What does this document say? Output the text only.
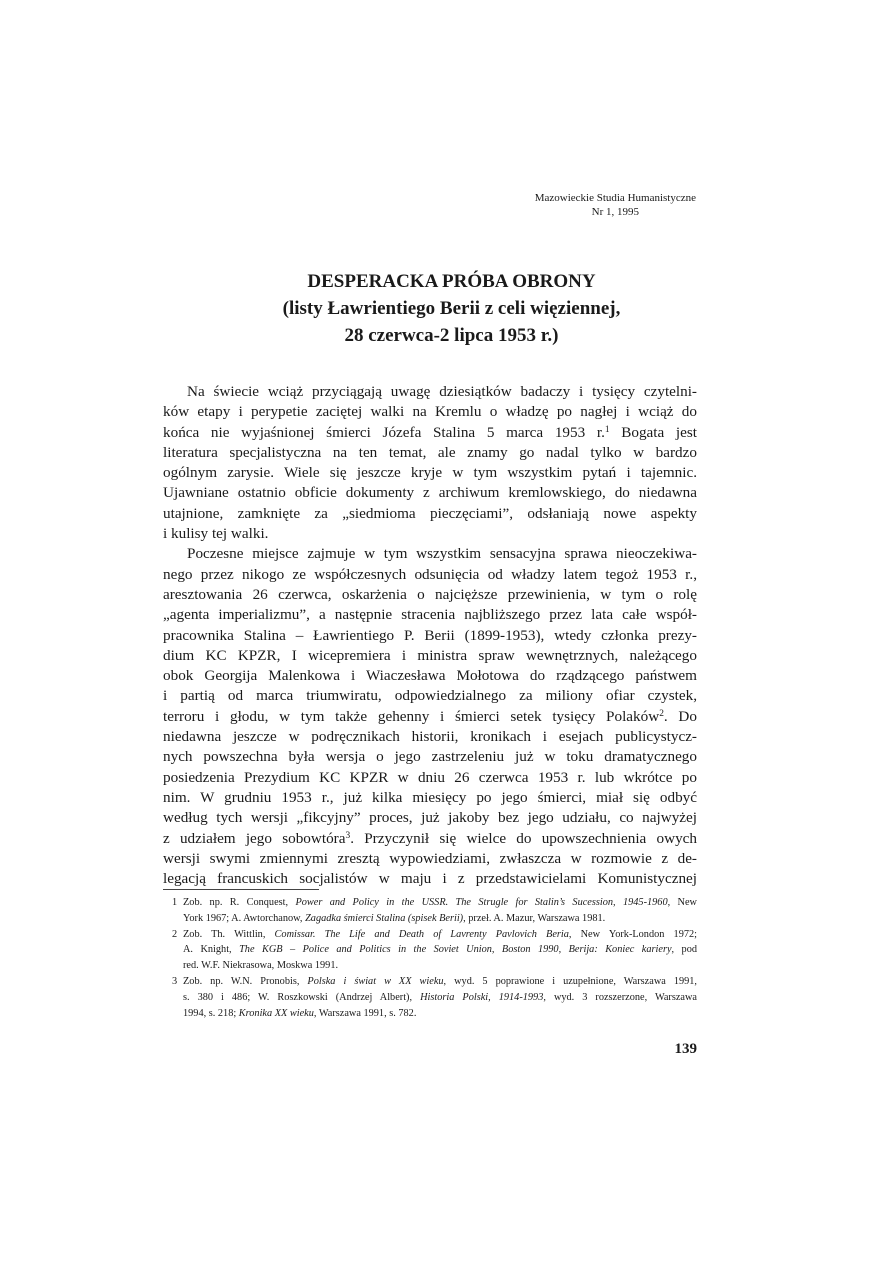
Mazowieckie Studia Humanistyczne
Nr 1, 1995
DESPERACKA PRÓBA OBRONY
(listy Ławrientiego Berii z celi więziennej,
28 czerwca-2 lipca 1953 r.)
Na świecie wciąż przyciągają uwagę dziesiątków badaczy i tysięcy czytelni-
ków etapy i perypetie zaciętej walki na Kremlu o władzę po nagłej i wciąż do
końca nie wyjaśnionej śmierci Józefa Stalina 5 marca 1953 r.$^1$ Bogata jest
literatura specjalistyczna na ten temat, ale znamy go nadal tylko w bardzo
ogólnym zarysie. Wiele się jeszcze kryje w tym wszystkim pytań i tajemnic.
Ujawniane ostatnio obficie dokumenty z archiwum kremlowskiego, do niedawna
utajnione, zamknięte za „siedmioma pieczęciami”, odsłaniają nowe aspekty
i kulisy tej walki.
Poczesne miejsce zajmuje w tym wszystkim sensacyjna sprawa nieoczekiwa-
nego przez nikogo ze współczesnych odsunięcia od władzy latem tegoż 1953 r.,
aresztowania 26 czerwca, oskarżenia o najcięższe przewinienia, w tym o rolę
„agenta imperializmu”, a następnie stracenia najbliższego przez lata całe współ-
pracownika Stalina – Ławrientiego P. Berii (1899-1953), wtedy członka prezy-
dium KC KPZR, I wicepremiera i ministra spraw wewnętrznych, należącego
obok Georgija Malenkowa i Wiaczesława Mołotowa do rządzącego państwem
i partią od marca triumwiratu, odpowiedzialnego za miliony ofiar czystek,
terroru i głodu, w tym także gehenny i śmierci setek tysięcy Polaków$^2$. Do
niedawna jeszcze w podręcznikach historii, kronikach i esejach publicystycz-
nych powszechna była wersja o jego zastrzeleniu już w toku dramatycznego
posiedzenia Prezydium KC KPZR w dniu 26 czerwca 1953 r. lub wkrótce po
nim. W grudniu 1953 r., już kilka miesięcy po jego śmierci, miał się odbyć
według tych wersji „fikcyjny” proces, już jakoby bez jego udziału, co najwyżej
z udziałem jego sobowtóra$^3$. Przyczynił się wielce do upowszechnienia owych
wersji swymi zmiennymi zresztą wypowiedziami, zwłaszcza w rozmowie z de-
legacją francuskich socjalistów w maju i z przedstawicielami Komunistycznej
1 Zob. np. R. Conquest, Power and Policy in the USSR. The Strugle for Stalin’s Sucession, 1945-1960, New
York 1967; A. Awtorchanow, Zagadka śmierci Stalina (spisek Berii), przeł. A. Mazur, Warszawa 1981.
2 Zob. Th. Wittlin, Comissar. The Life and Death of Lavrenty Pavlovich Beria, New York-London 1972;
A. Knight, The KGB – Police and Politics in the Soviet Union, Boston 1990, Berija: Koniec kariery, pod
red. W.F. Niekrasowa, Moskwa 1991.
3 Zob. np. W.N. Pronobis, Polska i świat w XX wieku, wyd. 5 poprawione i uzupełnione, Warszawa 1991,
s. 380 i 486; W. Roszkowski (Andrzej Albert), Historia Polski, 1914-1993, wyd. 3 rozszerzone, Warszawa
1994, s. 218; Kronika XX wieku, Warszawa 1991, s. 782.
139
